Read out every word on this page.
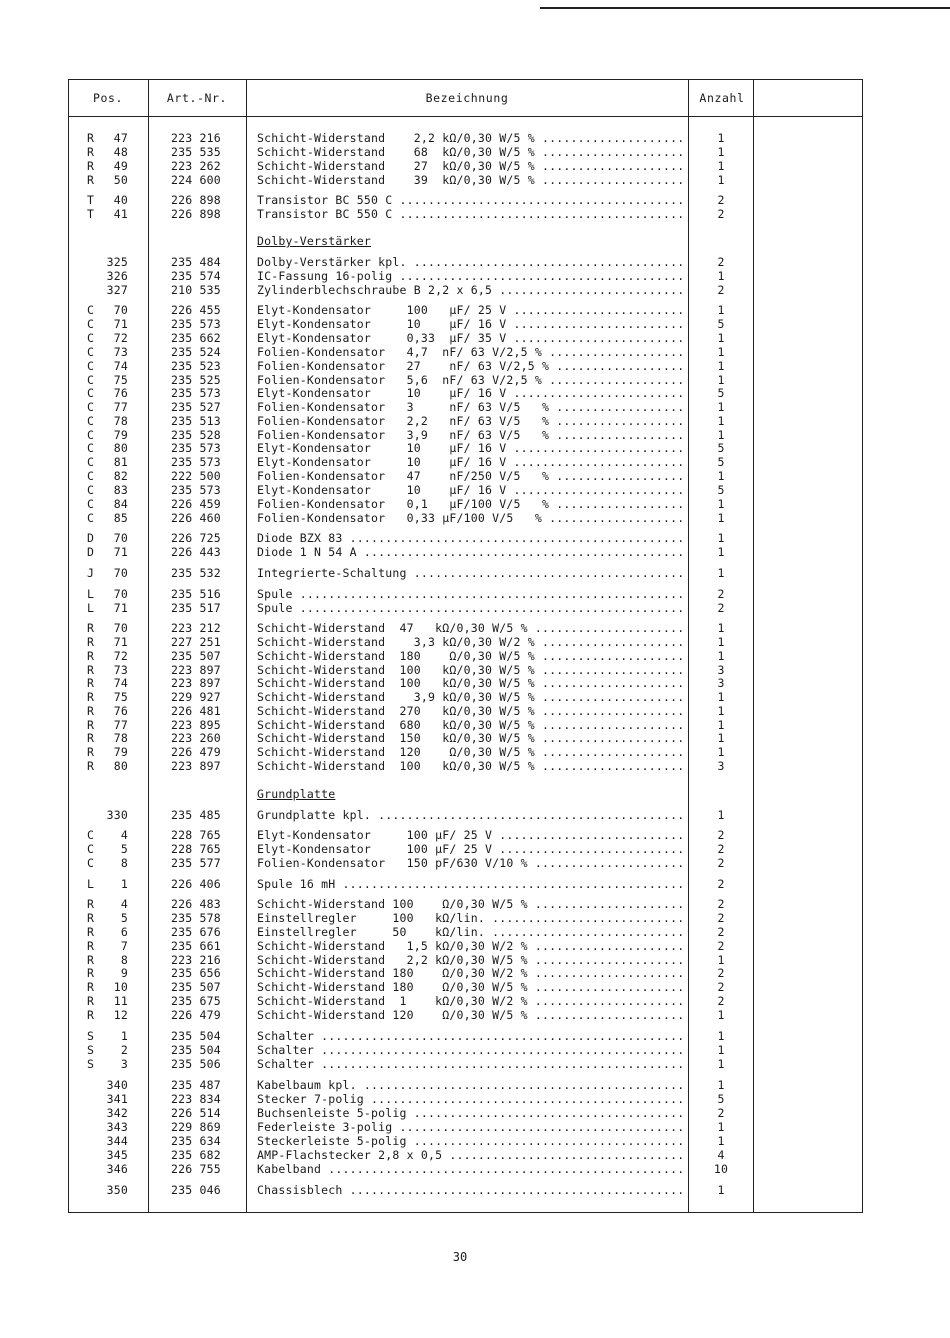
Pos.	Art.-Nr.	Bezeichnung	Anzahl
R	47	223 216	Schicht-Widerstand    2,2 kΩ/0,30 W/5 % .....	1
R	48	235 535	Schicht-Widerstand    68  kΩ/0,30 W/5 % .....	1
R	49	223 262	Schicht-Widerstand    27  kΩ/0,30 W/5 % .....	1
R	50	224 600	Schicht-Widerstand    39  kΩ/0,30 W/5 % .....	1
T	40	226 898	Transistor BC 550 C .....	2
T	41	226 898	Transistor BC 550 C .....	2
Dolby-Verstärker
325	235 484	Dolby-Verstärker kpl. .....	2
326	235 574	IC-Fassung 16-polig .....	1
327	210 535	Zylinderblechschraube B 2,2 x 6,5 .....	2
C	70	226 455	Elyt-Kondensator     100   µF/ 25 V .....	1
C	71	235 573	Elyt-Kondensator     10    µF/ 16 V .....	5
C	72	235 662	Elyt-Kondensator     0,33  µF/ 35 V .....	1
C	73	235 524	Folien-Kondensator   4,7  nF/ 63 V/2,5 % .....	1
C	74	235 523	Folien-Kondensator   27    nF/ 63 V/2,5 % .....	1
C	75	235 525	Folien-Kondensator   5,6  nF/ 63 V/2,5 % .....	1
C	76	235 573	Elyt-Kondensator     10    µF/ 16 V .....	5
C	77	235 527	Folien-Kondensator   3     nF/ 63 V/5   % .....	1
C	78	235 513	Folien-Kondensator   2,2   nF/ 63 V/5   % .....	1
C	79	235 528	Folien-Kondensator   3,9   nF/ 63 V/5   % .....	1
C	80	235 573	Elyt-Kondensator     10    µF/ 16 V .....	5
C	81	235 573	Elyt-Kondensator     10    µF/ 16 V .....	5
C	82	222 500	Folien-Kondensator   47    nF/250 V/5   % .....	1
C	83	235 573	Elyt-Kondensator     10    µF/ 16 V .....	5
C	84	226 459	Folien-Kondensator   0,1   µF/100 V/5   % .....	1
C	85	226 460	Folien-Kondensator   0,33 µF/100 V/5   % .....	1
D	70	226 725	Diode BZX 83 .....	1
D	71	226 443	Diode 1 N 54 A .....	1
J	70	235 532	Integrierte-Schaltung .....	1
L	70	235 516	Spule .....	2
L	71	235 517	Spule .....	2
R	70	223 212	Schicht-Widerstand  47   kΩ/0,30 W/5 % .....	1
R	71	227 251	Schicht-Widerstand    3,3 kΩ/0,30 W/2 % .....	1
R	72	235 507	Schicht-Widerstand  180    Ω/0,30 W/5 % .....	1
R	73	223 897	Schicht-Widerstand  100   kΩ/0,30 W/5 % .....	3
R	74	223 897	Schicht-Widerstand  100   kΩ/0,30 W/5 % .....	3
R	75	229 927	Schicht-Widerstand    3,9 kΩ/0,30 W/5 % .....	1
R	76	226 481	Schicht-Widerstand  270   kΩ/0,30 W/5 % .....	1
R	77	223 895	Schicht-Widerstand  680   kΩ/0,30 W/5 % .....	1
R	78	223 260	Schicht-Widerstand  150   kΩ/0,30 W/5 % .....	1
R	79	226 479	Schicht-Widerstand  120    Ω/0,30 W/5 % .....	1
R	80	223 897	Schicht-Widerstand  100   kΩ/0,30 W/5 % .....	3
Grundplatte
330	235 485	Grundplatte kpl. .....	1
C	4	228 765	Elyt-Kondensator     100 µF/ 25 V .....	2
C	5	228 765	Elyt-Kondensator     100 µF/ 25 V .....	2
C	8	235 577	Folien-Kondensator   150 pF/630 V/10 % .....	2
L	1	226 406	Spule 16 mH .....	2
R	4	226 483	Schicht-Widerstand 100    Ω/0,30 W/5 % .....	2
R	5	235 578	Einstellregler     100   kΩ/lin. .....	2
R	6	235 676	Einstellregler     50    kΩ/lin. .....	2
R	7	235 661	Schicht-Widerstand   1,5 kΩ/0,30 W/2 % .....	2
R	8	223 216	Schicht-Widerstand   2,2 kΩ/0,30 W/5 % .....	1
R	9	235 656	Schicht-Widerstand 180    Ω/0,30 W/2 % .....	2
R	10	235 507	Schicht-Widerstand 180    Ω/0,30 W/5 % .....	2
R	11	235 675	Schicht-Widerstand  1    kΩ/0,30 W/2 % .....	2
R	12	226 479	Schicht-Widerstand 120    Ω/0,30 W/5 % .....	1
S	1	235 504	Schalter .....	1
S	2	235 504	Schalter .....	1
S	3	235 506	Schalter .....	1
340	235 487	Kabelbaum kpl. .....	1
341	223 834	Stecker 7-polig .....	5
342	226 514	Buchsenleiste 5-polig .....	2
343	229 869	Federleiste 3-polig .....	1
344	235 634	Steckerleiste 5-polig .....	1
345	235 682	AMP-Flachstecker 2,8 x 0,5 .....	4
346	226 755	Kabelband .....	10
350	235 046	Chassisblech .....	1
30
